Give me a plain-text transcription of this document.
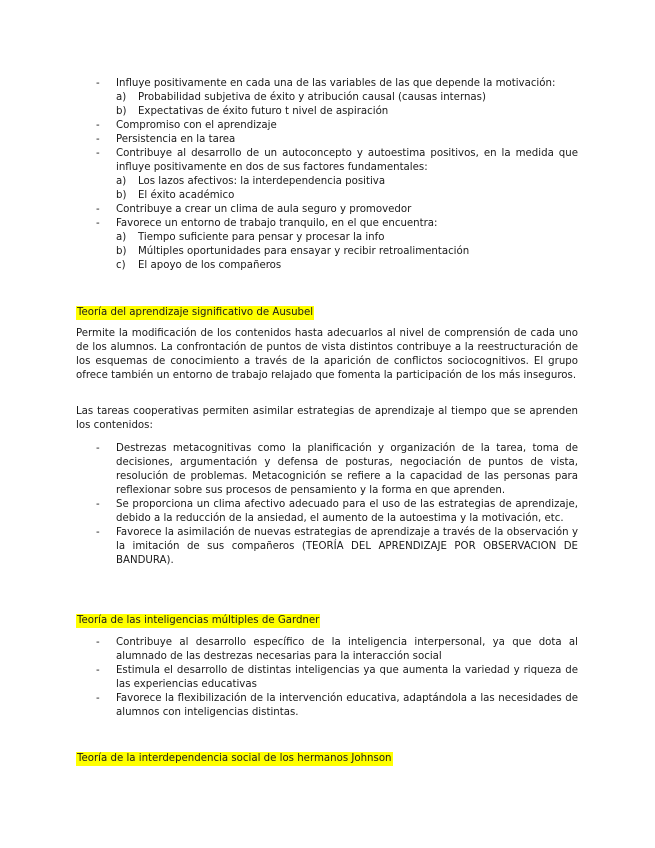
-	Influye positivamente en cada una de las variables de las que depende la motivación:
a)	Probabilidad subjetiva de éxito y atribución causal (causas internas)
b)	Expectativas de éxito futuro t nivel de aspiración
-	Compromiso con el aprendizaje
-	Persistencia en la tarea
-	Contribuye al desarrollo de un autoconcepto y autoestima positivos, en la medida que influye positivamente en dos de sus factores fundamentales:
a)	Los lazos afectivos: la interdependencia positiva
b)	El éxito académico
-	Contribuye a crear un clima de aula seguro y promovedor
-	Favorece un entorno de trabajo tranquilo, en el que encuentra:
a)	Tiempo suficiente para pensar y procesar la info
b)	Múltiples oportunidades para ensayar y recibir retroalimentación
c)	El apoyo de los compañeros
Teoría del aprendizaje significativo de Ausubel
Permite la modificación de los contenidos hasta adecuarlos al nivel de comprensión de cada uno de los alumnos. La confrontación de puntos de vista distintos contribuye a la reestructuración de los esquemas de conocimiento a través de la aparición de conflictos sociocognitivos. El grupo ofrece también un entorno de trabajo relajado que fomenta la participación de los más inseguros.
Las tareas cooperativas permiten asimilar estrategias de aprendizaje al tiempo que se aprenden los contenidos:
-	Destrezas metacognitivas como la planificación y organización de la tarea, toma de decisiones, argumentación y defensa de posturas, negociación de puntos de vista, resolución de problemas. Metacognición se refiere a la capacidad de las personas para reflexionar sobre sus procesos de pensamiento y la forma en que aprenden.
-	Se proporciona un clima afectivo adecuado para el uso de las estrategias de aprendizaje, debido a la reducción de la ansiedad, el aumento de la autoestima y la motivación, etc.
-	Favorece la asimilación de nuevas estrategias de aprendizaje a través de la observación y la imitación de sus compañeros (TEORÍA DEL APRENDIZAJE POR OBSERVACION DE BANDURA).
Teoría de las inteligencias múltiples de Gardner
-	Contribuye al desarrollo específico de la inteligencia interpersonal, ya que dota al alumnado de las destrezas necesarias para la interacción social
-	Estimula el desarrollo de distintas inteligencias ya que aumenta la variedad y riqueza de las experiencias educativas
-	Favorece la flexibilización de la intervención educativa, adaptándola a las necesidades de alumnos con inteligencias distintas.
Teoría de la interdependencia social de los hermanos Johnson
